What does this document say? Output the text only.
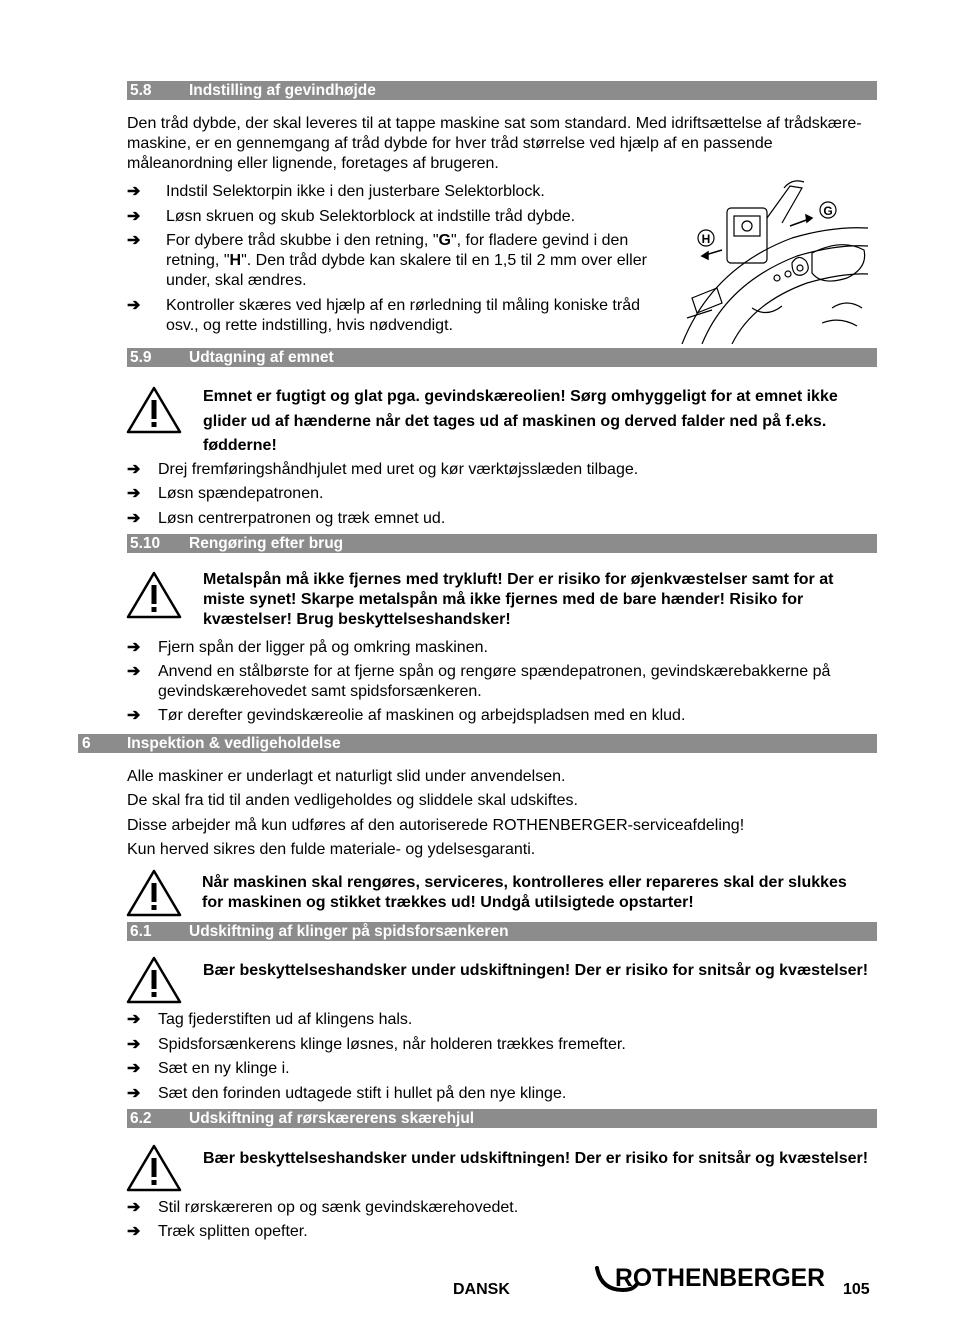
5.8 Indstilling af gevindhøjde
Den tråd dybde, der skal leveres til at tappe maskine sat som standard. Med idriftsættelse af trådskære-maskine, er en gennemgang af tråd dybde for hver tråd størrelse ved hjælp af en passende måleanordning eller lignende, foretages af brugeren.
➔	Indstil Selektorpin ikke i den justerbare Selektorblock.
➔	Løsn skruen og skub Selektorblock at indstille tråd dybde.
➔	For dybere tråd skubbe i den retning, "G", for fladere gevind i den retning, "H". Den tråd dybde kan skalere til en 1,5 til 2 mm over eller under, skal ændres.
➔	Kontroller skæres ved hjælp af en rørledning til måling koniske tråd osv., og rette indstilling, hvis nødvendigt.
G
H
5.9 Udtagning af emnet
Emnet er fugtigt og glat pga. gevindskæreolien! Sørg omhyggeligt for at emnet ikke glider ud af hænderne når det tages ud af maskinen og derved falder ned på f.eks. fødderne!
➔	Drej fremføringshåndhjulet med uret og kør værktøjsslæden tilbage.
➔	Løsn spændepatronen.
➔	Løsn centrerpatronen og træk emnet ud.
5.10 Rengøring efter brug
Metalspån må ikke fjernes med trykluft! Der er risiko for øjenkvæstelser samt for at miste synet! Skarpe metalspån må ikke fjernes med de bare hænder! Risiko for kvæstelser! Brug beskyttelseshandsker!
➔	Fjern spån der ligger på og omkring maskinen.
➔	Anvend en stålbørste for at fjerne spån og rengøre spændepatronen, gevindskærebakkerne på gevindskærehovedet samt spidsforsænkeren.
➔	Tør derefter gevindskæreolie af maskinen og arbejdspladsen med en klud.
6 Inspektion & vedligeholdelse
Alle maskiner er underlagt et naturligt slid under anvendelsen.
De skal fra tid til anden vedligeholdes og sliddele skal udskiftes.
Disse arbejder må kun udføres af den autoriserede ROTHENBERGER-serviceafdeling!
Kun herved sikres den fulde materiale- og ydelsesgaranti.
Når maskinen skal rengøres, serviceres, kontrolleres eller repareres skal der slukkes for maskinen og stikket trækkes ud! Undgå utilsigtede opstarter!
6.1 Udskiftning af klinger på spidsforsænkeren
Bær beskyttelseshandsker under udskiftningen! Der er risiko for snitsår og kvæstelser!
➔	Tag fjederstiften ud af klingens hals.
➔	Spidsforsænkerens klinge løsnes, når holderen trækkes fremefter.
➔	Sæt en ny klinge i.
➔	Sæt den forinden udtagede stift i hullet på den nye klinge.
6.2 Udskiftning af rørskærerens skærehjul
Bær beskyttelseshandsker under udskiftningen! Der er risiko for snitsår og kvæstelser!
➔	Stil rørskæreren op og sænk gevindskærehovedet.
➔	Træk splitten opefter.
DANSK	ROTHENBERGER 105
